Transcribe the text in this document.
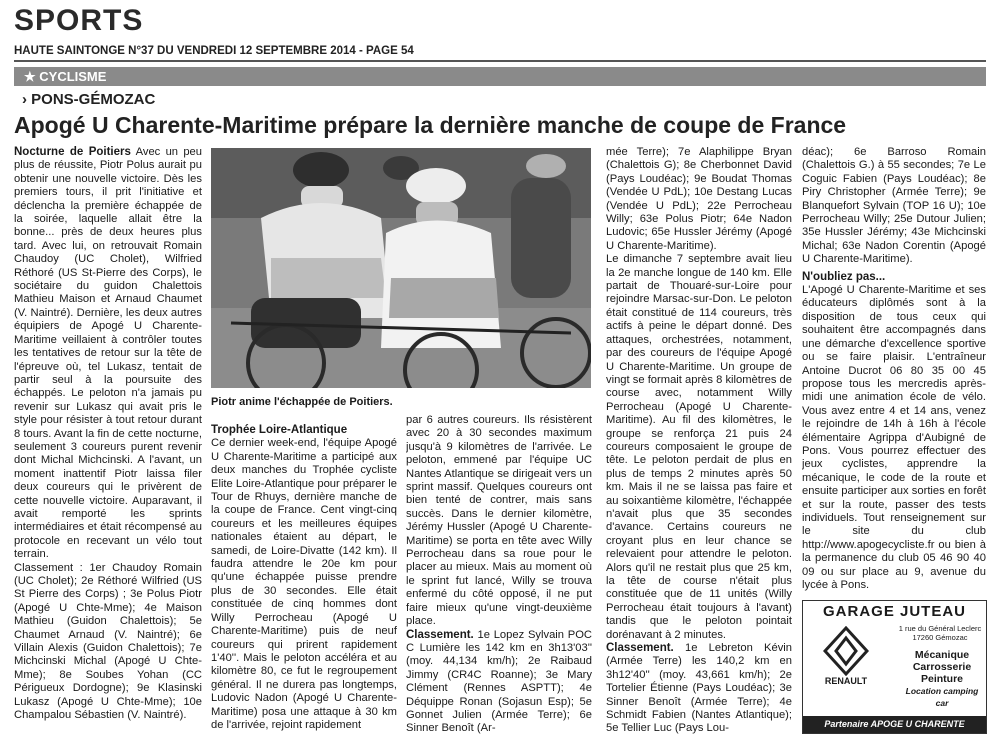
SPORTS
HAUTE SAINTONGE N°37 DU VENDREDI 12 SEPTEMBRE 2014 - PAGE 54
★ CYCLISME
› PONS-GÉMOZAC
Apogé U Charente-Maritime prépare la dernière manche de coupe de France

Nocturne de Poitiers Avec un peu plus de réussite, Piotr Polus aurait pu obtenir une nouvelle victoire. Dès les premiers tours, il prit l'initiative et déclencha la première échappée de la soirée, laquelle allait être la bonne... près de deux heures plus tard. Avec lui, on retrouvait Romain Chaudoy (UC Cholet), Wilfried Réthoré (US St-Pierre des Corps), le sociétaire du guidon Chalettois Mathieu Maison et Arnaud Chaumet (V. Naintré). Dernière, les deux autres équipiers de Apogé U Charente-Maritime veillaient à contrôler toutes les tentatives de retour sur la tête de l'épreuve où, tel Lukasz, tentait de partir seul à la poursuite des échappés. Le peloton n'a jamais pu revenir sur Lukasz qui avait pris le style pour résister à tout retour durant 8 tours. Avant la fin de cette nocturne, seulement 3 coureurs purent revenir dont Michal Michcinski. A l'avant, un moment inattentif Piotr laissa filer deux coureurs qui le privèrent de cette nouvelle victoire. Auparavant, il avait remporté les sprints intermédiaires et était récompensé au protocole en recevant un vélo tout terrain.

Classement : 1er Chaudoy Romain (UC Cholet); 2e Réthoré Wilfried (US St Pierre des Corps) ; 3e Polus Piotr (Apogé U Chte-Mme); 4e Maison Mathieu (Guidon Chalettois); 5e Chaumet Arnaud (V. Naintré); 6e Villain Alexis (Guidon Chalettois); 7e Michcinski Michal (Apogé U Chte-Mme); 8e Soubes Yohan (CC Périgueux Dordogne); 9e Klasinski Lukasz (Apogé U Chte-Mme); 10e Champalou Sébastien (V. Naintré).

Piotr anime l'échappée de Poitiers.

Trophée Loire-Atlantique

Ce dernier week-end, l'équipe Apogé U Charente-Maritime a participé aux deux manches du Trophée cycliste Elite Loire-Atlantique pour préparer le Tour de Rhuys, dernière manche de la coupe de France. Cent vingt-cinq coureurs et les meilleures équipes nationales étaient au départ, le samedi, de Loire-Divatte (142 km). Il faudra attendre le 20e km pour qu'une échappée puisse prendre plus de 30 secondes. Elle était constituée de cinq hommes dont Willy Perrocheau (Apogé U Charente-Maritime) puis de neuf coureurs qui prirent rapidement 1'40''. Mais le peloton accéléra et au kilomètre 80, ce fut le regroupement général. Il ne durera pas longtemps, Ludovic Nadon (Apogé U Charente-Maritime) posa une attaque à 30 km de l'arrivée, rejoint rapidement

par 6 autres coureurs. Ils résistèrent avec 20 à 30 secondes maximum jusqu'à 9 kilomètres de l'arrivée. Le peloton, emmené par l'équipe UC Nantes Atlantique se dirigeait vers un sprint massif. Quelques coureurs ont bien tenté de contrer, mais sans succès. Dans le dernier kilomètre, Jérémy Hussler (Apogé U Charente-Maritime) se porta en tête avec Willy Perrocheau dans sa roue pour le placer au mieux. Mais au moment où le sprint fut lancé, Willy se trouva enfermé du côté opposé, il ne put faire mieux qu'une vingt-deuxième place.

Classement. 1e Lopez Sylvain POC C Lumière les 142 km en 3h13'03'' (moy. 44,134 km/h); 2e Raibaud Jimmy (CR4C Roanne); 3e Mary Clément (Rennes ASPTT); 4e Déquippe Ronan (Sojasun Esp); 5e Gonnet Julien (Armée Terre); 6e Sinner Benoît (Ar-

mée Terre); 7e Alaphilippe Bryan (Chalettois G); 8e Cherbonnet David (Pays Loudéac); 9e Boudat Thomas (Vendée U PdL); 10e Destang Lucas (Vendée U PdL); 22e Perrocheau Willy; 63e Polus Piotr; 64e Nadon Ludovic; 65e Hussler Jérémy (Apogé U Charente-Maritime).

Le dimanche 7 septembre avait lieu la 2e manche longue de 140 km. Elle partait de Thouaré-sur-Loire pour rejoindre Marsac-sur-Don. Le peloton était constitué de 114 coureurs, très actifs à peine le départ donné. Des attaques, orchestrées, notamment, par des coureurs de l'équipe Apogé U Charente-Maritime. Un groupe de vingt se formait après 8 kilomètres de course avec, notamment Willy Perrocheau (Apogé U Charente-Maritime). Au fil des kilomètres, le groupe se renforça 21 puis 24 coureurs composaient le groupe de tête. Le peloton perdait de plus en plus de temps 2 minutes après 50 km. Mais il ne se laissa pas faire et au soixantième kilomètre, l'échappée n'avait plus que 35 secondes d'avance. Certains coureurs ne croyant plus en leur chance se relevaient pour attendre le peloton. Alors qu'il ne restait plus que 25 km, la tête de course n'était plus constituée que de 11 unités (Willy Perrocheau était toujours à l'avant) tandis que le peloton pointait dorénavant à 2 minutes.

Classement. 1e Lebreton Kévin (Armée Terre) les 140,2 km en 3h12'40'' (moy. 43,661 km/h); 2e Tortelier Étienne (Pays Loudéac); 3e Sinner Benoît (Armée Terre); 4e Schmidt Fabien (Nantes Atlantique); 5e Tellier Luc (Pays Lou-

déac); 6e Barroso Romain (Chalettois G.) à 55 secondes; 7e Le Coguic Fabien (Pays Loudéac); 8e Piry Christopher (Armée Terre); 9e Blanquefort Sylvain (TOP 16 U); 10e Perrocheau Willy; 25e Dutour Julien; 35e Hussler Jérémy; 43e Michcinski Michal; 63e Nadon Corentin (Apogé U Charente-Maritime).

N'oubliez pas...

L'Apogé U Charente-Maritime et ses éducateurs diplômés sont à la disposition de tous ceux qui souhaitent être accompagnés dans une démarche d'excellence sportive ou se faire plaisir. L'entraîneur Antoine Ducrot 06 80 35 00 45 propose tous les mercredis après-midi une animation école de vélo. Vous avez entre 4 et 14 ans, venez le rejoindre de 14h à 16h à l'école élémentaire Agrippa d'Aubigné de Pons. Vous pourrez effectuer des jeux cyclistes, apprendre la mécanique, le code de la route et ensuite participer aux sorties en forêt et sur la route, passer des tests individuels. Tout renseignement sur le site du club http://www.apogecycliste.fr ou bien à la permanence du club 05 46 90 40 09 ou sur place au 9, avenue du lycée à Pons.

GARAGE JUTEAU
1 rue du Général Leclerc 17260 Gémozac
RENAULT
Mécanique
Carrosserie
Peinture
Location camping car
Partenaire APOGE U CHARENTE MARITIME
